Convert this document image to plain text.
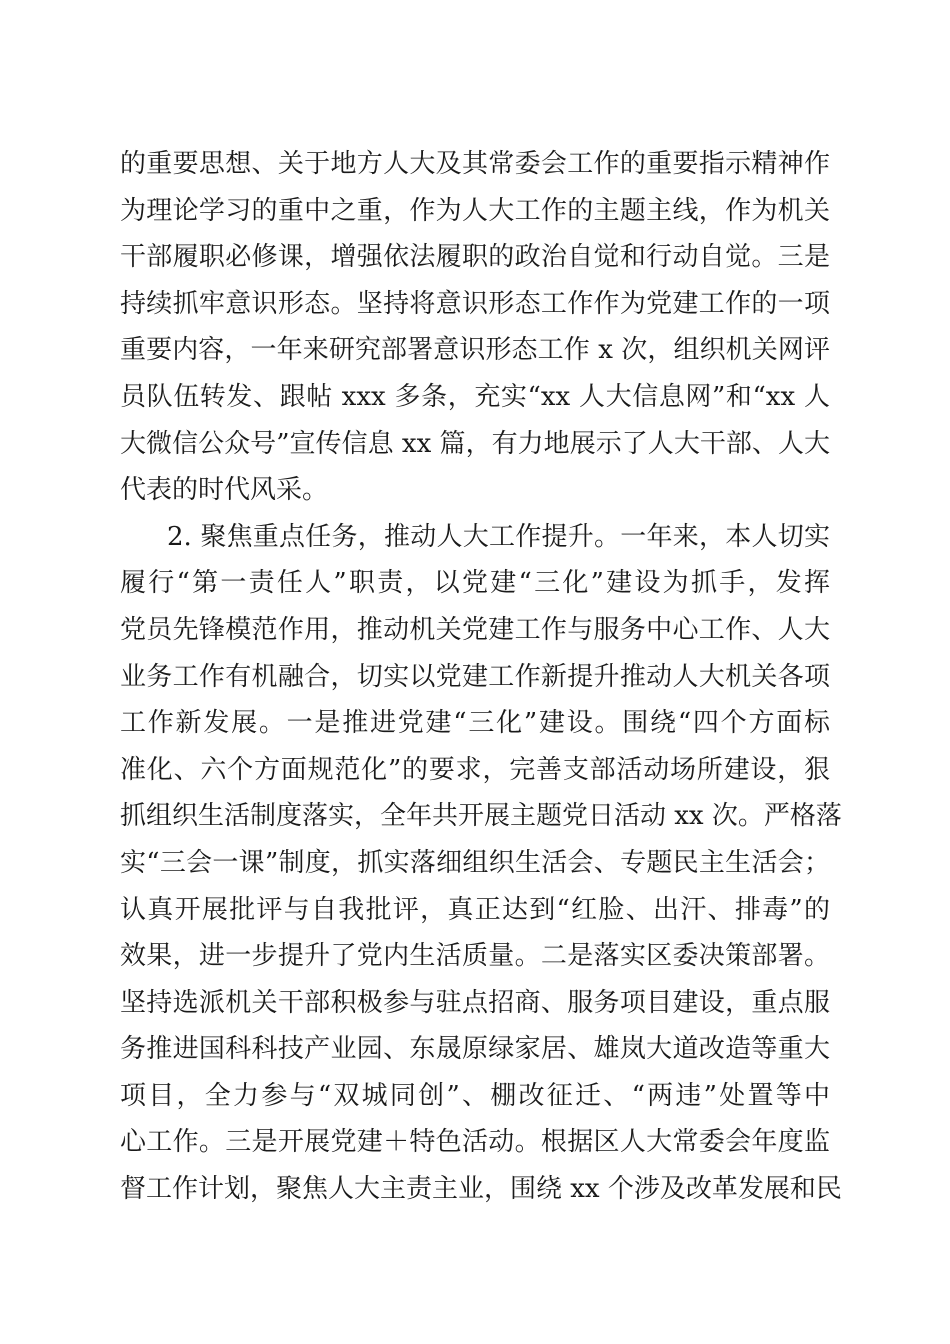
的重要思想、关于地方人大及其常委会工作的重要指示精神作
为理论学习的重中之重，作为人大工作的主题主线，作为机关
干部履职必修课，增强依法履职的政治自觉和行动自觉。三是
持续抓牢意识形态。坚持将意识形态工作作为党建工作的一项
重要内容，一年来研究部署意识形态工作 x 次，组织机关网评
员队伍转发、跟帖 xxx 多条，充实“xx 人大信息网”和“xx 人
大微信公众号”宣传信息 xx 篇，有力地展示了人大干部、人大
代表的时代风采。
2. 聚焦重点任务，推动人大工作提升。一年来，本人切实
履行“第一责任人”职责，以党建“三化”建设为抓手，发挥
党员先锋模范作用，推动机关党建工作与服务中心工作、人大
业务工作有机融合，切实以党建工作新提升推动人大机关各项
工作新发展。一是推进党建“三化”建设。围绕“四个方面标
准化、六个方面规范化”的要求，完善支部活动场所建设，狠
抓组织生活制度落实，全年共开展主题党日活动 xx 次。严格落
实“三会一课”制度，抓实落细组织生活会、专题民主生活会；
认真开展批评与自我批评，真正达到“红脸、出汗、排毒”的
效果，进一步提升了党内生活质量。二是落实区委决策部署。
坚持选派机关干部积极参与驻点招商、服务项目建设，重点服
务推进国科科技产业园、东晟原绿家居、雄岚大道改造等重大
项目，全力参与“双城同创”、棚改征迁、“两违”处置等中
心工作。三是开展党建＋特色活动。根据区人大常委会年度监
督工作计划，聚焦人大主责主业，围绕 xx 个涉及改革发展和民
